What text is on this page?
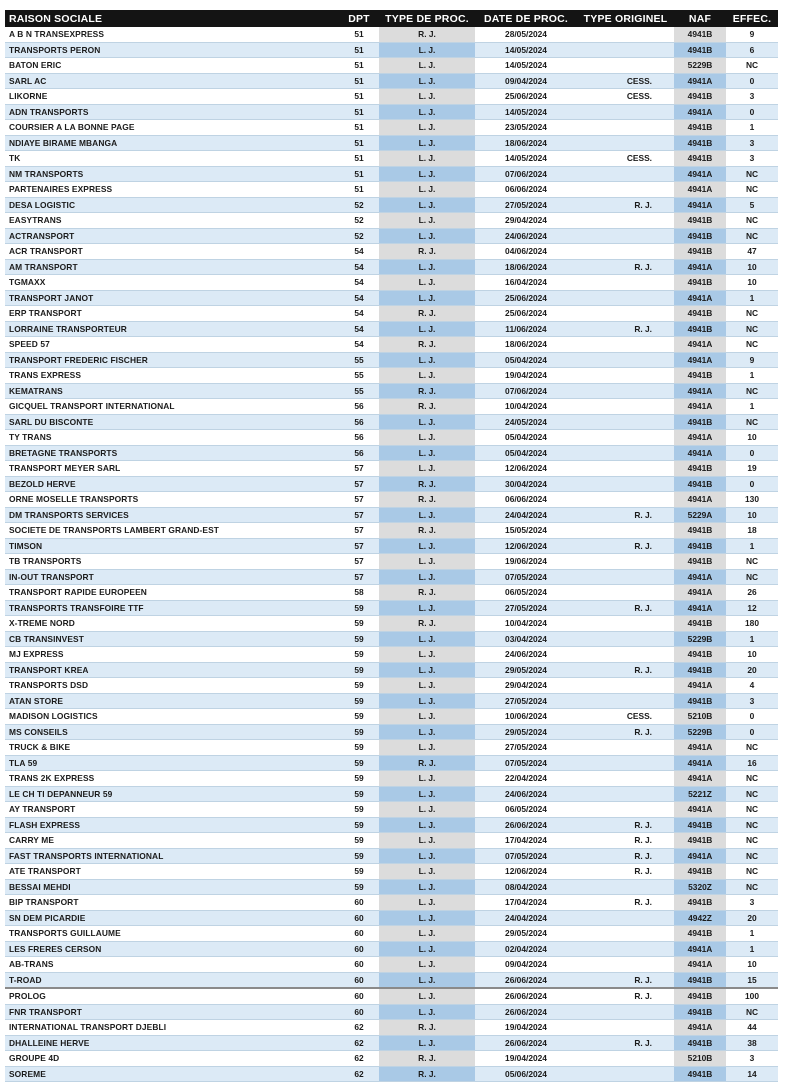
RAISON SOCIALE	DPT	TYPE DE PROC.	DATE DE PROC.	TYPE ORIGINEL	NAF	EFFEC.
A B N TRANSEXPRESS	51	R. J.	28/05/2024		4941B	9
TRANSPORTS PERON	51	L. J.	14/05/2024		4941B	6
BATON ERIC	51	L. J.	14/05/2024		5229B	NC
SARL AC	51	L. J.	09/04/2024	CESS.	4941A	0
LIKORNE	51	L. J.	25/06/2024	CESS.	4941B	3
ADN TRANSPORTS	51	L. J.	14/05/2024		4941A	0
COURSIER A LA BONNE PAGE	51	L. J.	23/05/2024		4941B	1
NDIAYE BIRAME MBANGA	51	L. J.	18/06/2024		4941B	3
TK	51	L. J.	14/05/2024	CESS.	4941B	3
NM TRANSPORTS	51	L. J.	07/06/2024		4941A	NC
PARTENAIRES EXPRESS	51	L. J.	06/06/2024		4941A	NC
DESA LOGISTIC	52	L. J.	27/05/2024	R. J.	4941A	5
EASYTRANS	52	L. J.	29/04/2024		4941B	NC
ACTRANSPORT	52	L. J.	24/06/2024		4941B	NC
ACR TRANSPORT	54	R. J.	04/06/2024		4941B	47
AM TRANSPORT	54	L. J.	18/06/2024	R. J.	4941A	10
TGMAXX	54	L. J.	16/04/2024		4941B	10
TRANSPORT JANOT	54	L. J.	25/06/2024		4941A	1
ERP TRANSPORT	54	R. J.	25/06/2024		4941B	NC
LORRAINE TRANSPORTEUR	54	L. J.	11/06/2024	R. J.	4941B	NC
SPEED 57	54	R. J.	18/06/2024		4941A	NC
TRANSPORT FREDERIC FISCHER	55	L. J.	05/04/2024		4941A	9
TRANS EXPRESS	55	L. J.	19/04/2024		4941B	1
KEMATRANS	55	R. J.	07/06/2024		4941A	NC
GICQUEL TRANSPORT INTERNATIONAL	56	R. J.	10/04/2024		4941A	1
SARL DU BISCONTE	56	L. J.	24/05/2024		4941B	NC
TY TRANS	56	L. J.	05/04/2024		4941A	10
BRETAGNE TRANSPORTS	56	L. J.	05/04/2024		4941A	0
TRANSPORT MEYER SARL	57	L. J.	12/06/2024		4941B	19
BEZOLD HERVE	57	R. J.	30/04/2024		4941B	0
ORNE MOSELLE TRANSPORTS	57	R. J.	06/06/2024		4941A	130
DM TRANSPORTS SERVICES	57	L. J.	24/04/2024	R. J.	5229A	10
SOCIETE DE TRANSPORTS LAMBERT GRAND-EST	57	R. J.	15/05/2024		4941B	18
TIMSON	57	L. J.	12/06/2024	R. J.	4941B	1
TB TRANSPORTS	57	L. J.	19/06/2024		4941B	NC
IN-OUT TRANSPORT	57	L. J.	07/05/2024		4941A	NC
TRANSPORT RAPIDE EUROPEEN	58	R. J.	06/05/2024		4941A	26
TRANSPORTS TRANSFOIRE TTF	59	L. J.	27/05/2024	R. J.	4941A	12
X-TREME NORD	59	R. J.	10/04/2024		4941B	180
CB TRANSINVEST	59	L. J.	03/04/2024		5229B	1
MJ EXPRESS	59	L. J.	24/06/2024		4941B	10
TRANSPORT KREA	59	L. J.	29/05/2024	R. J.	4941B	20
TRANSPORTS DSD	59	L. J.	29/04/2024		4941A	4
ATAN STORE	59	L. J.	27/05/2024		4941B	3
MADISON LOGISTICS	59	L. J.	10/06/2024	CESS.	5210B	0
MS CONSEILS	59	L. J.	29/05/2024	R. J.	5229B	0
TRUCK & BIKE	59	L. J.	27/05/2024		4941A	NC
TLA 59	59	R. J.	07/05/2024		4941A	16
TRANS 2K EXPRESS	59	L. J.	22/04/2024		4941A	NC
LE CH TI DEPANNEUR 59	59	L. J.	24/06/2024		5221Z	NC
AY TRANSPORT	59	L. J.	06/05/2024		4941A	NC
FLASH EXPRESS	59	L. J.	26/06/2024	R. J.	4941B	NC
CARRY ME	59	L. J.	17/04/2024	R. J.	4941B	NC
FAST TRANSPORTS INTERNATIONAL	59	L. J.	07/05/2024	R. J.	4941A	NC
ATE TRANSPORT	59	L. J.	12/06/2024	R. J.	4941B	NC
BESSAI MEHDI	59	L. J.	08/04/2024		5320Z	NC
BIP TRANSPORT	60	L. J.	17/04/2024	R. J.	4941B	3
SN DEM PICARDIE	60	L. J.	24/04/2024		4942Z	20
TRANSPORTS GUILLAUME	60	L. J.	29/05/2024		4941B	1
LES FRERES CERSON	60	L. J.	02/04/2024		4941A	1
AB-TRANS	60	L. J.	09/04/2024		4941A	10
T-ROAD	60	L. J.	26/06/2024	R. J.	4941B	15
PROLOG	60	L. J.	26/06/2024	R. J.	4941B	100
FNR TRANSPORT	60	L. J.	26/06/2024		4941B	NC
INTERNATIONAL TRANSPORT DJEBLI	62	R. J.	19/04/2024		4941A	44
DHALLEINE HERVE	62	L. J.	26/06/2024	R. J.	4941B	38
GROUPE 4D	62	R. J.	19/04/2024		5210B	3
SOREME	62	R. J.	05/06/2024		4941B	14
